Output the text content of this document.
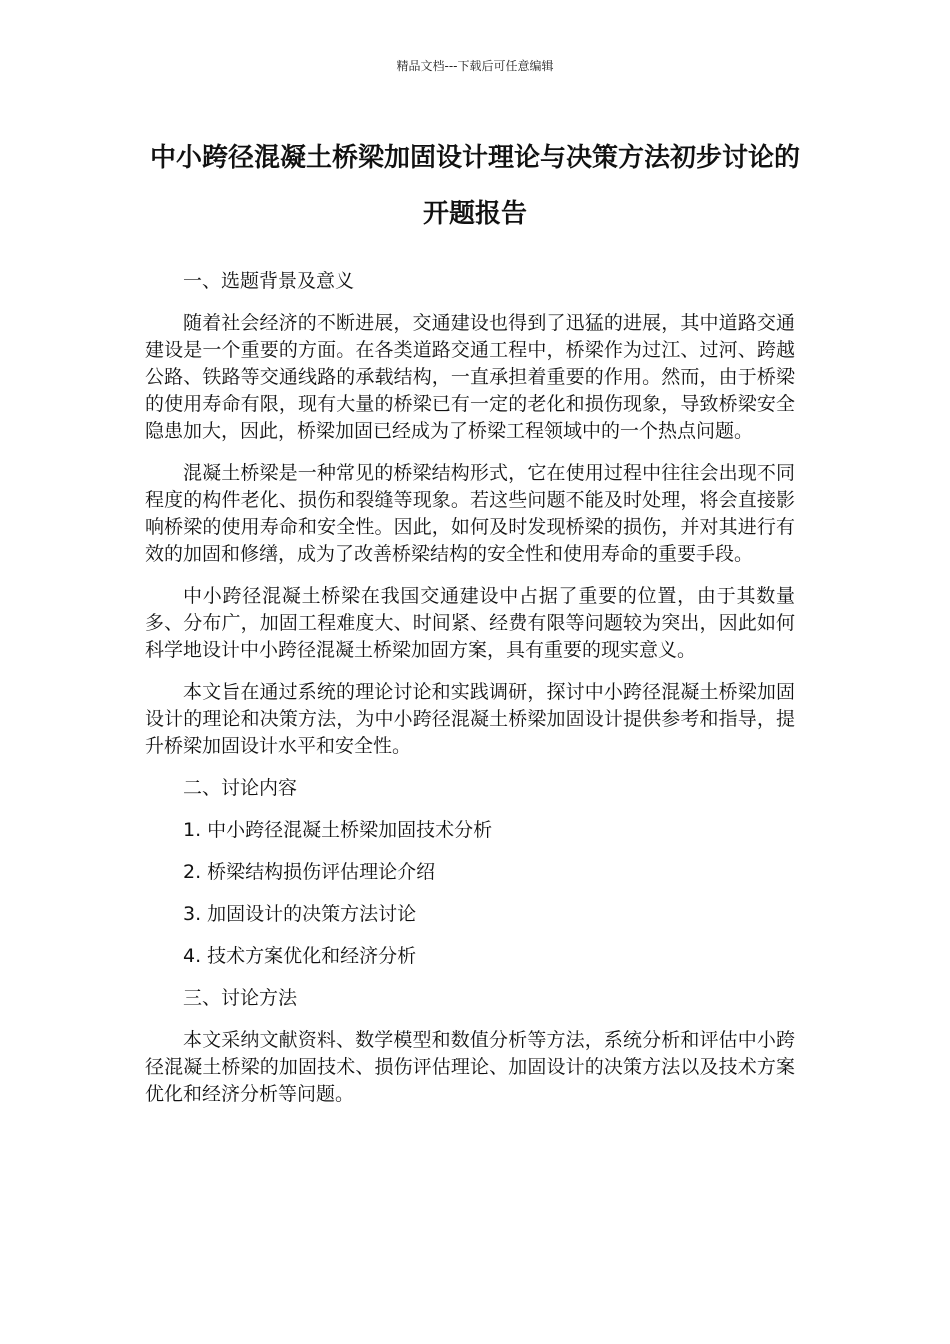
精品文档---下载后可任意编辑
中小跨径混凝土桥梁加固设计理论与决策方法初步讨论的开题报告

一、选题背景及意义

随着社会经济的不断进展，交通建设也得到了迅猛的进展，其中道路交通建设是一个重要的方面。在各类道路交通工程中，桥梁作为过江、过河、跨越公路、铁路等交通线路的承载结构，一直承担着重要的作用。然而，由于桥梁的使用寿命有限，现有大量的桥梁已有一定的老化和损伤现象，导致桥梁安全隐患加大，因此，桥梁加固已经成为了桥梁工程领域中的一个热点问题。

混凝土桥梁是一种常见的桥梁结构形式，它在使用过程中往往会出现不同程度的构件老化、损伤和裂缝等现象。若这些问题不能及时处理，将会直接影响桥梁的使用寿命和安全性。因此，如何及时发现桥梁的损伤，并对其进行有效的加固和修缮，成为了改善桥梁结构的安全性和使用寿命的重要手段。

中小跨径混凝土桥梁在我国交通建设中占据了重要的位置，由于其数量多、分布广，加固工程难度大、时间紧、经费有限等问题较为突出，因此如何科学地设计中小跨径混凝土桥梁加固方案，具有重要的现实意义。

本文旨在通过系统的理论讨论和实践调研，探讨中小跨径混凝土桥梁加固设计的理论和决策方法，为中小跨径混凝土桥梁加固设计提供参考和指导，提升桥梁加固设计水平和安全性。

二、讨论内容

1. 中小跨径混凝土桥梁加固技术分析

2. 桥梁结构损伤评估理论介绍

3. 加固设计的决策方法讨论

4. 技术方案优化和经济分析

三、讨论方法

本文采纳文献资料、数学模型和数值分析等方法，系统分析和评估中小跨径混凝土桥梁的加固技术、损伤评估理论、加固设计的决策方法以及技术方案优化和经济分析等问题。
